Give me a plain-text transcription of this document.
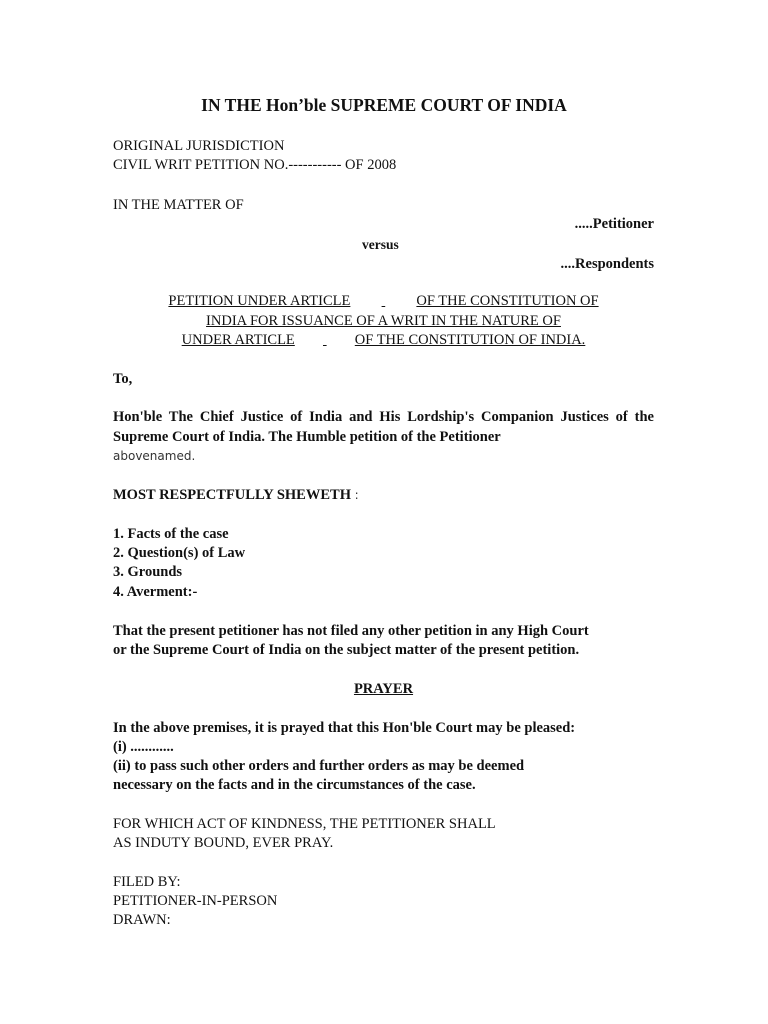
IN THE Hon’ble SUPREME COURT OF INDIA
ORIGINAL JURISDICTION
CIVIL WRIT PETITION NO.----------- OF 2008
IN THE MATTER OF
.....Petitioner
versus
....Respondents
PETITION UNDER ARTICLE	OF THE CONSTITUTION OF
INDIA FOR ISSUANCE OF A WRIT IN THE NATURE OF
UNDER ARTICLE	OF THE CONSTITUTION OF INDIA.
To,
Hon'ble The Chief Justice of India and His Lordship's Companion Justices of the Supreme Court of India. The Humble petition of the Petitioner
abovenamed.
MOST RESPECTFULLY SHEWETH :
1. Facts of the case
2. Question(s) of Law
3. Grounds
4. Averment:-
That the present petitioner has not filed any other petition in any High Court
or the Supreme Court of India on the subject matter of the present petition.
PRAYER
In the above premises, it is prayed that this Hon'ble Court may be pleased:
(i) ............
(ii) to pass such other orders and further orders as may be deemed
necessary on the facts and in the circumstances of the case.
FOR WHICH ACT OF KINDNESS, THE PETITIONER SHALL
AS INDUTY BOUND, EVER PRAY.
FILED BY:
PETITIONER-IN-PERSON
DRAWN:
